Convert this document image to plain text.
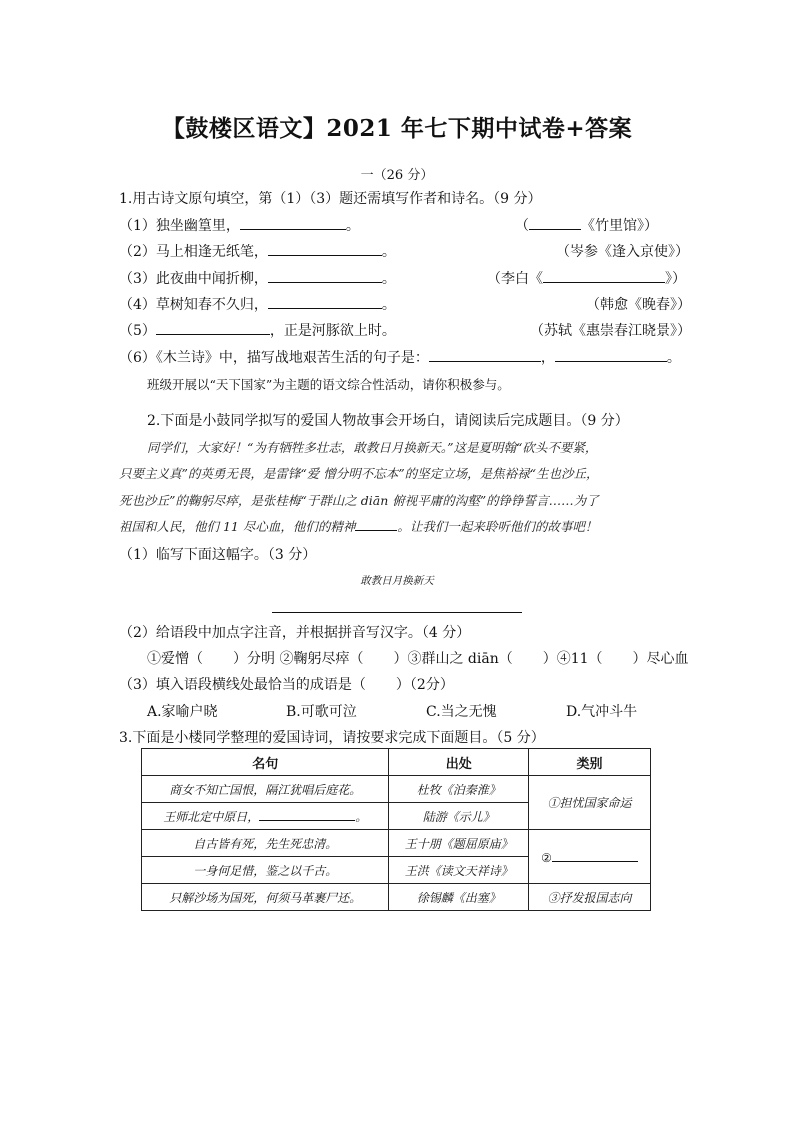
【鼓楼区语文】2021 年七下期中试卷+答案
一（26 分）
1.用古诗文原句填空，第（1）（3）题还需填写作者和诗名。（9 分）
（1）独坐幽篁里，	。	（	《竹里馆》）
（2）马上相逢无纸笔，	。	（岑参《逢入京使》）
（3）此夜曲中闻折柳，	。	（李白《	》）
（4）草树知春不久归，	。	（韩愈《晚春》）
（5）	，正是河豚欲上时。	（苏轼《惠崇春江晓景》）
（6）《木兰诗》中，描写战地艰苦生活的句子是：	，	。
班级开展以“天下国家”为主题的语文综合性活动，请你积极参与。
2.下面是小鼓同学拟写的爱国人物故事会开场白，请阅读后完成题目。（9 分）
同学们，大家好！“为有牺牲多壮志，敢教日月换新天。”这是夏明翰“砍头不要紧，
只要主义真”的英勇无畏，是雷锋“爱 憎分明不忘本”的坚定立场，是焦裕禄“生也沙丘，
死也沙丘”的鞠躬尽瘁，是张桂梅“于群山之 diān 俯视平庸的沟壑”的铮铮誓言……为了
祖国和人民，他们 11 尽心血，他们的精神	。让我们一起来聆听他们的故事吧！
（1）临写下面这幅字。（3 分）
敢教日月换新天
（2）给语段中加点字注音，并根据拼音写汉字。（4 分）
①爱憎（ ）分明 ②鞠躬尽瘁（ ）③群山之 diān（ ）④11（ ）尽心血
（3）填入语段横线处最恰当的成语是（ ）（2分）
A.家喻户晓	B.可歌可泣	C.当之无愧	D.气冲斗牛
3.下面是小楼同学整理的爱国诗词，请按要求完成下面题目。（5 分）
名句	出处	类别
商女不知亡国恨，隔江犹唱后庭花。	杜牧《泊秦淮》	①担忧国家命运
王师北定中原日， 。	陆游《示儿》	
自古皆有死，先生死忠清。	王十朋《题屈原庙》	②
一身何足惜，鉴之以千古。	王洪《读文天祥诗》	
只解沙场为国死，何须马革裹尸还。	徐锡麟《出塞》	③抒发报国志向
